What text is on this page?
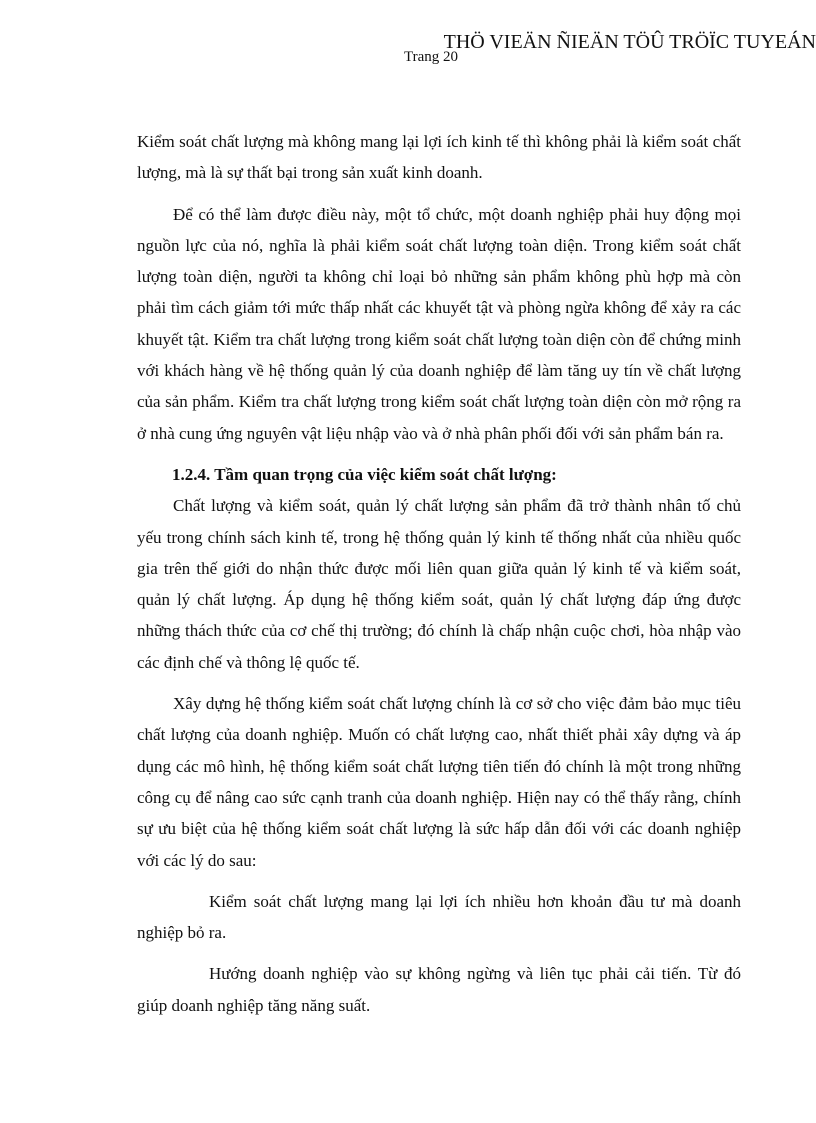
THÖ VIEÄN ÑIEÄN TÖÛ TRÖÏC TUYEÁN
Trang 20

Kiểm soát chất lượng mà không mang lại lợi ích kinh tế thì không phải là kiểm soát chất lượng, mà là sự thất bại trong sản xuất kinh doanh.

Để có thể làm được điều này, một tổ chức, một doanh nghiệp phải huy động mọi nguồn lực của nó, nghĩa là phải kiểm soát chất lượng toàn diện. Trong kiểm soát chất lượng toàn diện, người ta không chỉ loại bỏ những sản phẩm không phù hợp mà còn phải tìm cách giảm tới mức thấp nhất các khuyết tật và phòng ngừa không để xảy ra các khuyết tật. Kiểm tra chất lượng trong kiểm soát chất lượng toàn diện còn để chứng minh với khách hàng về hệ thống quản lý của doanh nghiệp để làm tăng uy tín về chất lượng của sản phẩm. Kiểm tra chất lượng trong kiểm soát chất lượng toàn diện còn mở rộng ra ở nhà cung ứng nguyên vật liệu nhập vào và ở nhà phân phối đối với sản phẩm bán ra.

1.2.4. Tầm quan trọng của việc kiểm soát chất lượng:

Chất lượng và kiểm soát, quản lý chất lượng sản phẩm đã trở thành nhân tố chủ yếu trong chính sách kinh tế, trong hệ thống quản lý kinh tế thống nhất của nhiều quốc gia trên thế giới do nhận thức được mối liên quan giữa quản lý kinh tế và kiểm soát, quản lý chất lượng. Áp dụng hệ thống kiểm soát, quản lý chất lượng đáp ứng được những thách thức của cơ chế thị trường; đó chính là chấp nhận cuộc chơi, hòa nhập vào các định chế và thông lệ quốc tế.

Xây dựng hệ thống kiểm soát chất lượng chính là cơ sở cho việc đảm bảo mục tiêu chất lượng của doanh nghiệp. Muốn có chất lượng cao, nhất thiết phải xây dựng và áp dụng các mô hình, hệ thống kiểm soát chất lượng tiên tiến đó chính là một trong những công cụ để nâng cao sức cạnh tranh của doanh nghiệp. Hiện nay có thể thấy rằng, chính sự ưu biệt của hệ thống kiểm soát chất lượng là sức hấp dẫn đối với các doanh nghiệp với các lý do sau:

Kiểm soát chất lượng mang lại lợi ích nhiều hơn khoản đầu tư mà doanh nghiệp bỏ ra.

Hướng doanh nghiệp vào sự không ngừng và liên tục phải cải tiến. Từ đó giúp doanh nghiệp tăng năng suất.
